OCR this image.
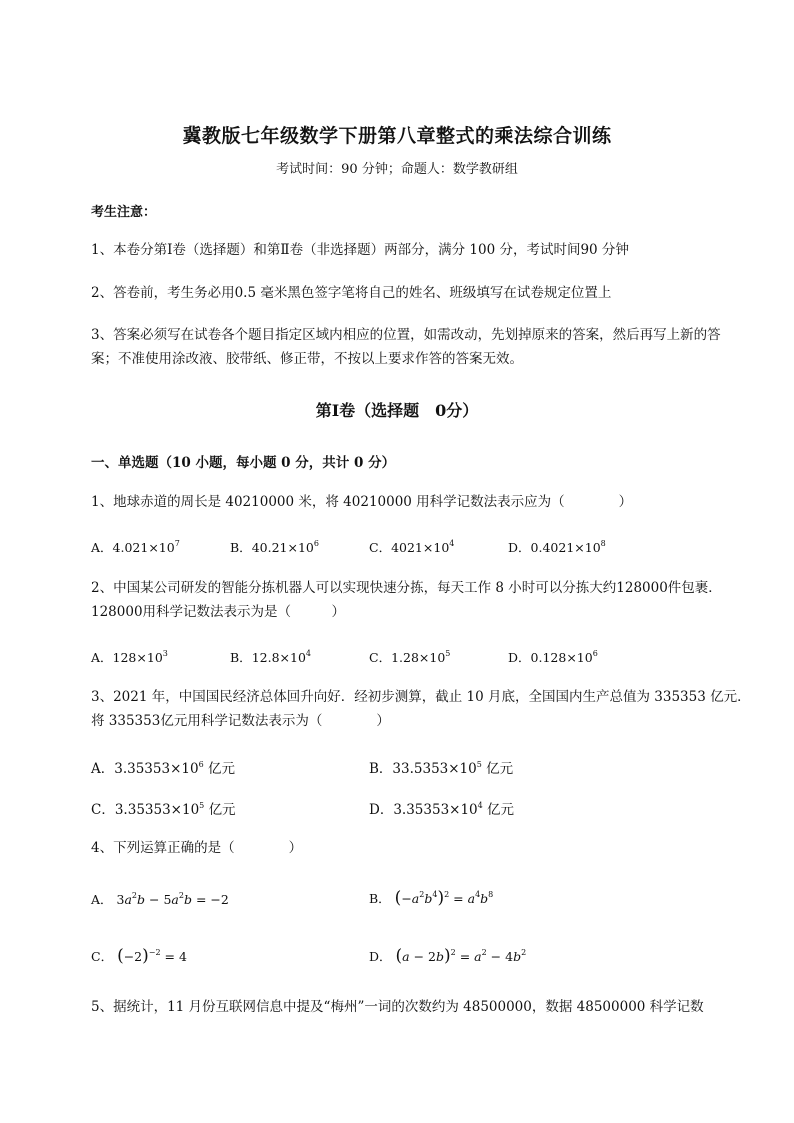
冀教版七年级数学下册第八章整式的乘法综合训练
考试时间：90 分钟；命题人：数学教研组
考生注意：
1、本卷分第Ⅰ卷（选择题）和第Ⅱ卷（非选择题）两部分，满分 100 分，考试时间90 分钟
2、答卷前，考生务必用0.5 毫米黑色签字笔将自己的姓名、班级填写在试卷规定位置上
3、答案必须写在试卷各个题目指定区域内相应的位置，如需改动，先划掉原来的答案，然后再写上新的答案；不准使用涂改液、胶带纸、修正带，不按以上要求作答的答案无效。
第Ⅰ卷（选择题　0分）
一、单选题（10 小题，每小题 0 分，共计 0 分）
1、地球赤道的周长是 40210000 米，将 40210000 用科学记数法表示应为（　　　　）
A．$4.021\times 10^7$	B．$40.21\times 10^6$	C．$4021\times 10^4$	D．$0.4021\times 10^8$
2、中国某公司研发的智能分拣机器人可以实现快速分拣，每天工作 8 小时可以分拣大约128000件包裹．128000用科学记数法表示为是（　　　）
A．$128\times 10^3$	B．$12.8\times 10^4$	C．$1.28\times 10^5$	D．$0.128\times 10^6$
3、2021 年，中国国民经济总体回升向好．经初步测算，截止 10 月底，全国国内生产总值为 335353 亿元．将 335353亿元用科学记数法表示为（　　　　）
A．$3.35353\times 10^6$ 亿元	B．$33.5353\times 10^5$ 亿元
C．$3.35353\times 10^5$ 亿元	D．$3.35353\times 10^4$ 亿元
4、下列运算正确的是（　　　　）
A． $3a^2b - 5a^2b = -2$	B． $(-a^2b^4)^2 = a^4b^8$
C． $(-2)^{-2} = 4$	D． $(a - 2b)^2 = a^2 - 4b^2$
5、据统计，11 月份互联网信息中提及“梅州”一词的次数约为 48500000，数据 48500000 科学记数
